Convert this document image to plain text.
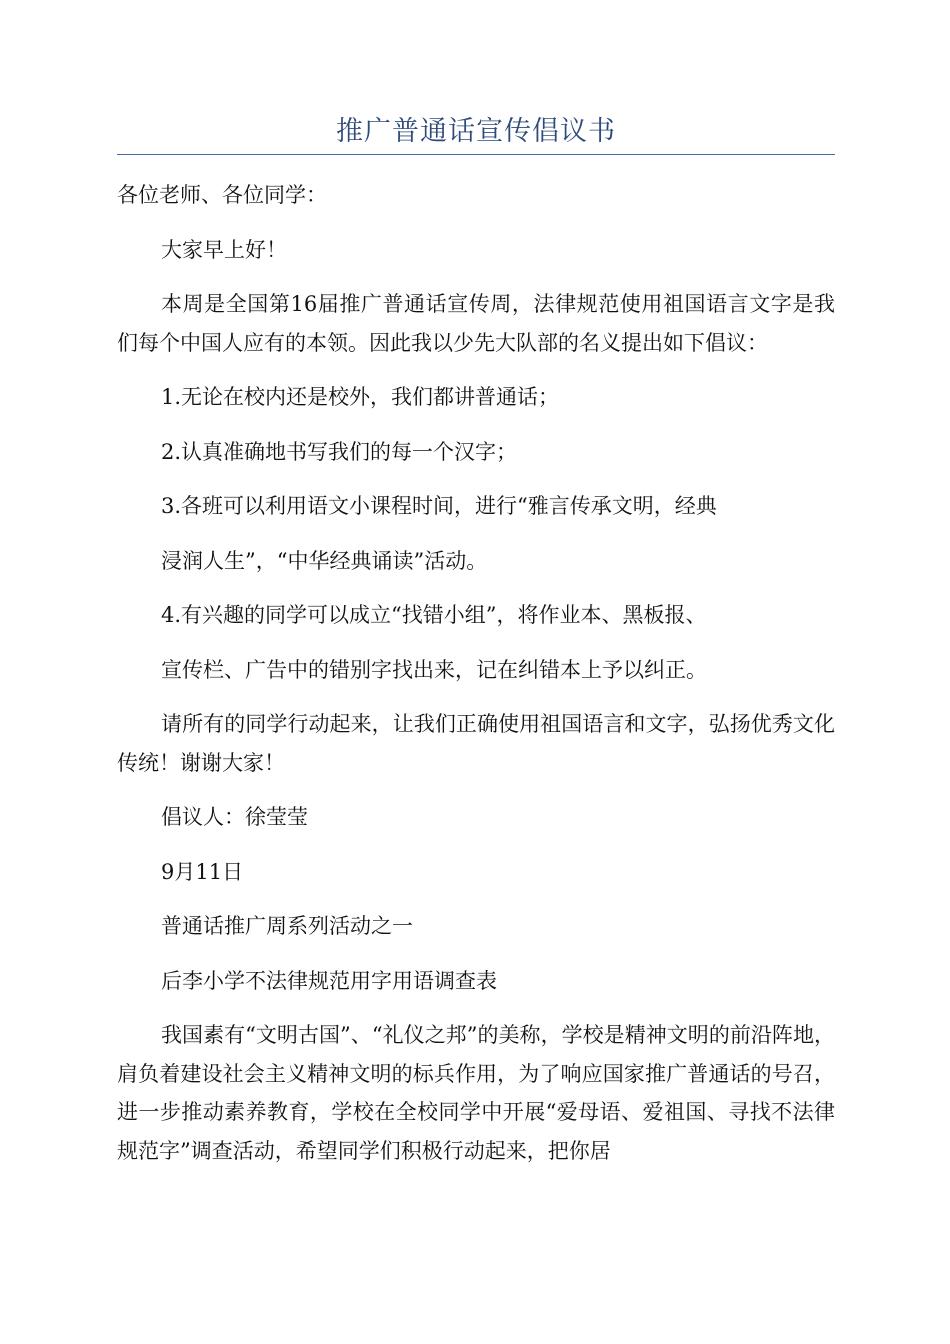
推广普通话宣传倡议书

各位老师、各位同学：

大家早上好！

本周是全国第16届推广普通话宣传周，法律规范使用祖国语言文字是我们每个中国人应有的本领。因此我以少先大队部的名义提出如下倡议：

1.无论在校内还是校外，我们都讲普通话；

2.认真准确地书写我们的每一个汉字；

3.各班可以利用语文小课程时间，进行“雅言传承文明，经典

浸润人生”，“中华经典诵读”活动。

4.有兴趣的同学可以成立“找错小组”，将作业本、黑板报、

宣传栏、广告中的错别字找出来，记在纠错本上予以纠正。

请所有的同学行动起来，让我们正确使用祖国语言和文字，弘扬优秀文化传统！谢谢大家！

倡议人：徐莹莹

9月11日

普通话推广周系列活动之一

后李小学不法律规范用字用语调查表

我国素有“文明古国”、“礼仪之邦”的美称，学校是精神文明的前沿阵地，肩负着建设社会主义精神文明的标兵作用，为了响应国家推广普通话的号召，进一步推动素养教育，学校在全校同学中开展“爱母语、爱祖国、寻找不法律规范字”调查活动，希望同学们积极行动起来，把你居
